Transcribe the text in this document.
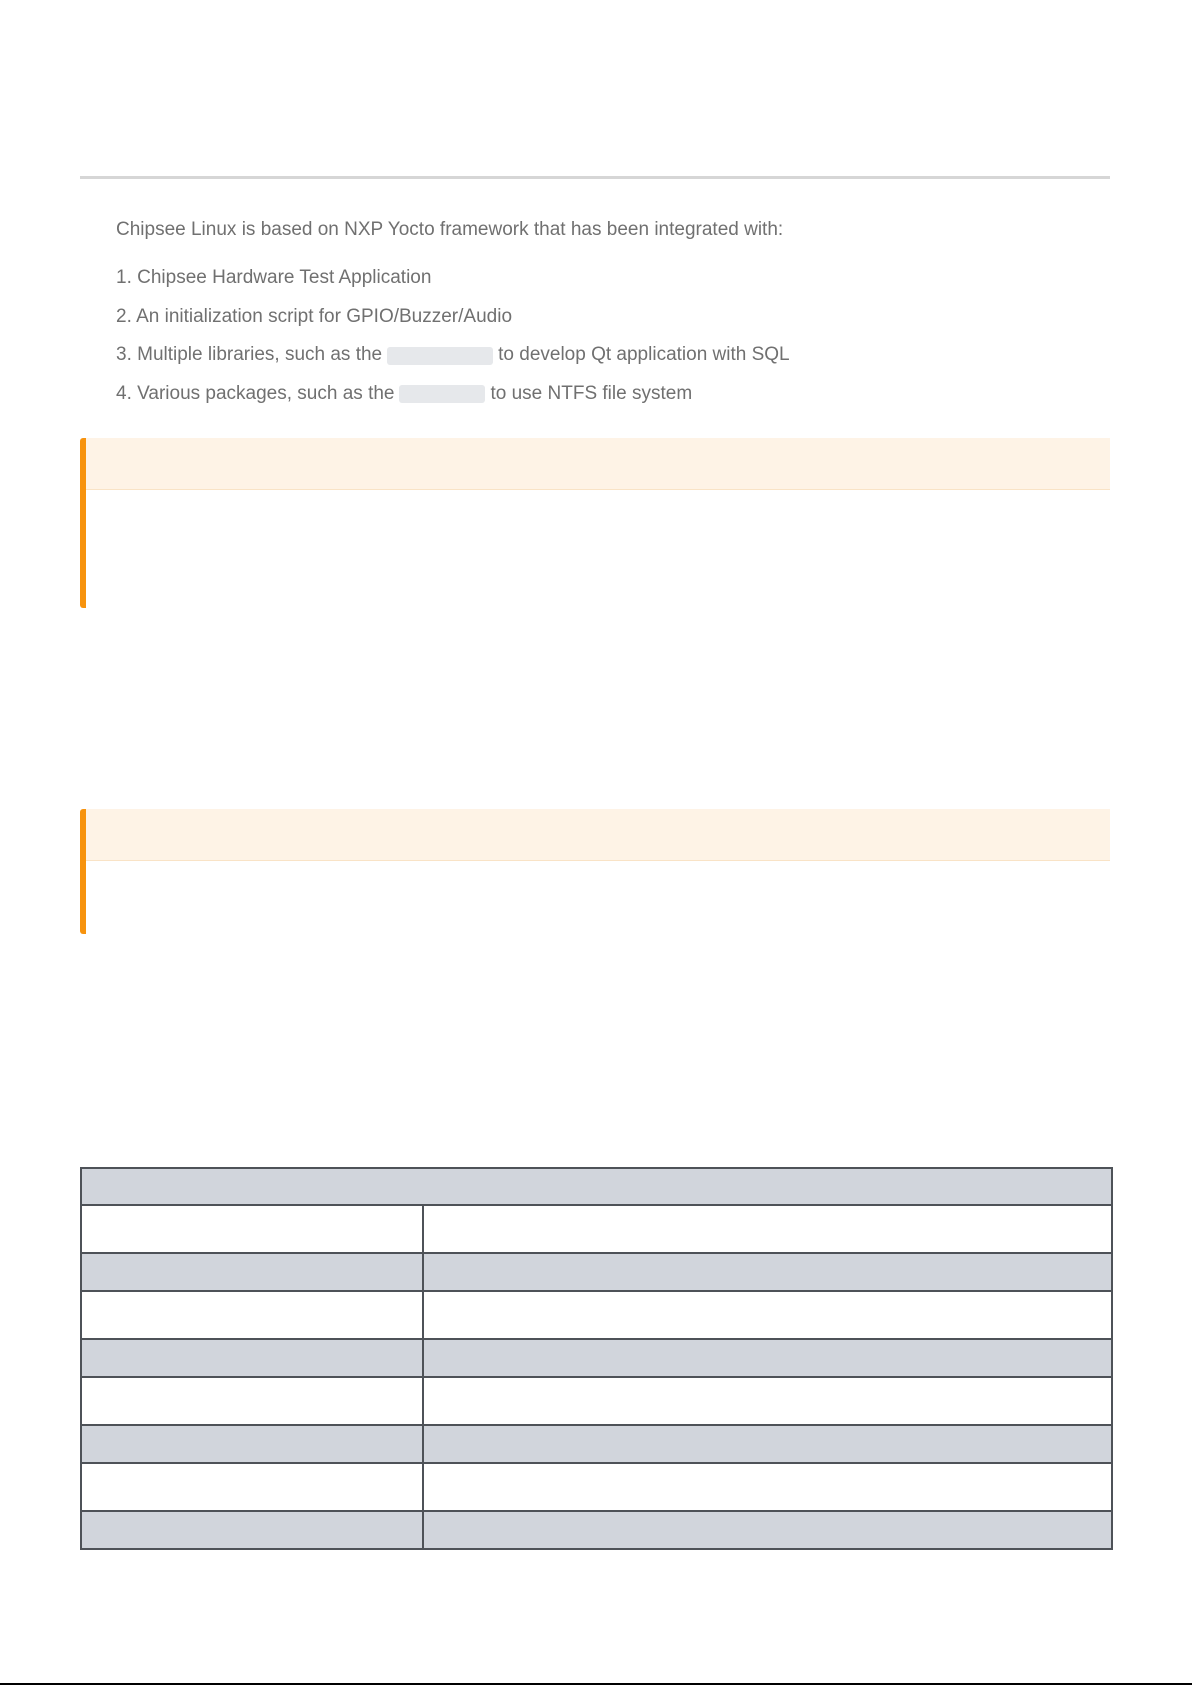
Chipsee Linux is based on NXP Yocto framework that has been integrated with:

1. Chipsee Hardware Test Application
2. An initialization script for GPIO/Buzzer/Audio
3. Multiple libraries, such as the	to develop Qt application with SQL
4. Various packages, such as the	to use NTFS file system
